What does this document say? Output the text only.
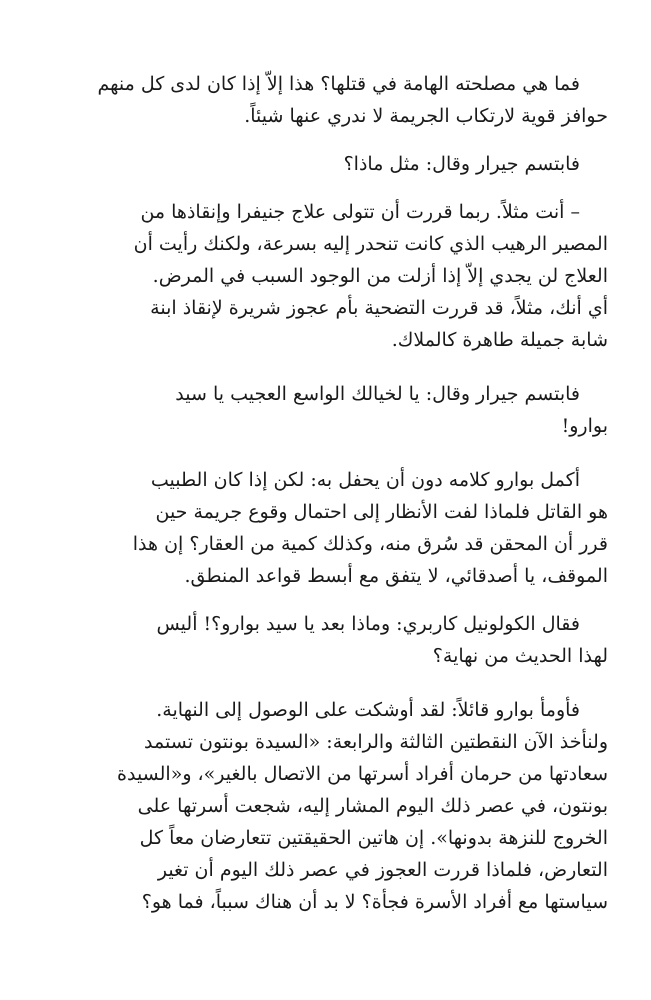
فما هي مصلحته الهامة في قتلها؟ هذا إلاّ إذا كان لدى كل منهم
حوافز قوية لارتكاب الجريمة لا ندري عنها شيئاً.

فابتسم جيرار وقال: مثل ماذا؟

– أنت مثلاً. ربما قررت أن تتولى علاج جنيفرا وإنقاذها من
المصير الرهيب الذي كانت تنحدر إليه بسرعة، ولكنك رأيت أن
العلاج لن يجدي إلاّ إذا أزلت من الوجود السبب في المرض.
أي أنك، مثلاً، قد قررت التضحية بأم عجوز شريرة لإنقاذ ابنة
شابة جميلة طاهرة كالملاك.

فابتسم جيرار وقال: يا لخيالك الواسع العجيب يا سيد
بوارو!

أكمل بوارو كلامه دون أن يحفل به: لكن إذا كان الطبيب
هو القاتل فلماذا لفت الأنظار إلى احتمال وقوع جريمة حين
قرر أن المحقن قد سُرق منه، وكذلك كمية من العقار؟ إن هذا
الموقف، يا أصدقائي، لا يتفق مع أبسط قواعد المنطق.

فقال الكولونيل كاربري: وماذا بعد يا سيد بوارو؟! أليس
لهذا الحديث من نهاية؟

فأومأ بوارو قائلاً: لقد أوشكت على الوصول إلى النهاية.
ولنأخذ الآن النقطتين الثالثة والرابعة: «السيدة بونتون تستمد
سعادتها من حرمان أفراد أسرتها من الاتصال بالغير»، و«السيدة
بونتون، في عصر ذلك اليوم المشار إليه، شجعت أسرتها على
الخروج للنزهة بدونها». إن هاتين الحقيقتين تتعارضان معاً كل
التعارض، فلماذا قررت العجوز في عصر ذلك اليوم أن تغير
سياستها مع أفراد الأسرة فجأة؟ لا بد أن هناك سبباً، فما هو؟
